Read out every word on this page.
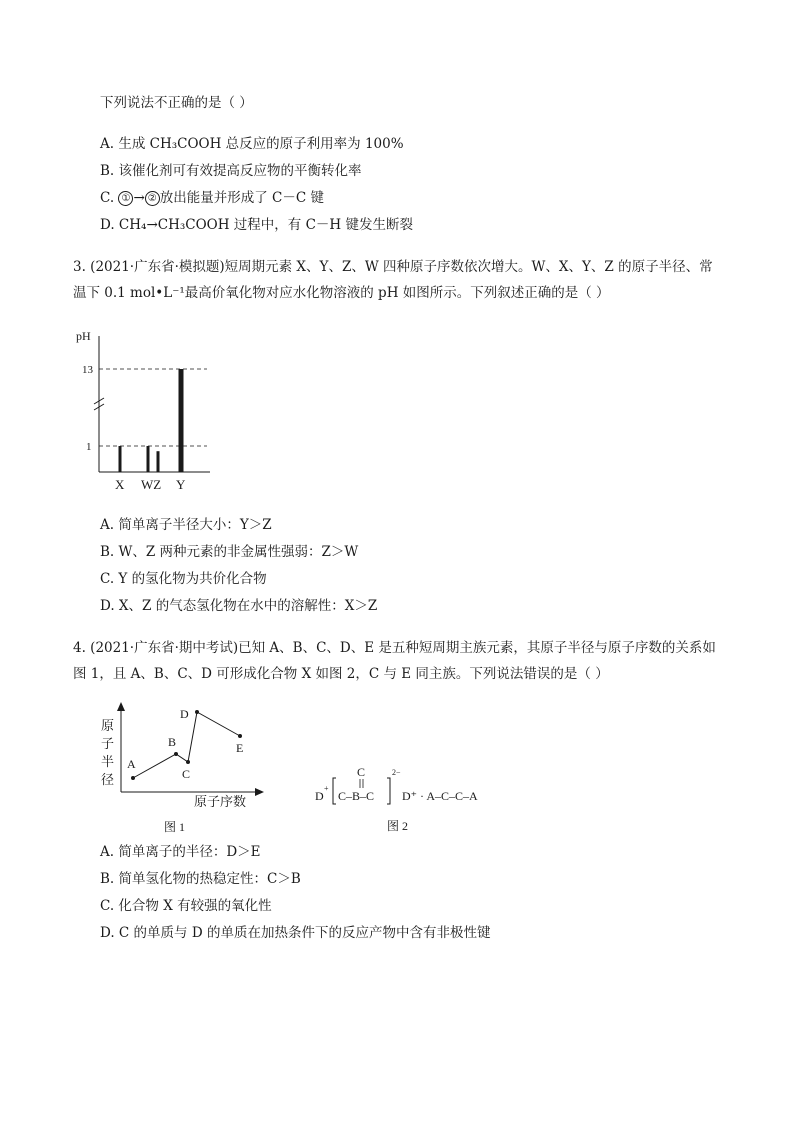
下列说法不正确的是（ ）
A. 生成 CH₃COOH 总反应的原子利用率为 100%
B. 该催化剂可有效提高反应物的平衡转化率
C. ① → ② 放出能量并形成了 C－C 键
D. CH₄→CH₃COOH 过程中，有 C－H 键发生断裂
3. (2021·广东省·模拟题)短周期元素 X、Y、Z、W 四种原子序数依次增大。W、X、Y、Z 的原子半径、常
温下 0.1 mol•L⁻¹最高价氧化物对应水化物溶液的 pH 如图所示。下列叙述正确的是（ ）
pH
13
1
X WZ Y
A. 简单离子半径大小：Y＞Z
B. W、Z 两种元素的非金属性强弱：Z＞W
C. Y 的氢化物为共价化合物
D. X、Z 的气态氢化物在水中的溶解性：X＞Z
4. (2021·广东省·期中考试)已知 A、B、C、D、E 是五种短周期主族元素，其原子半径与原子序数的关系如
图 1，且 A、B、C、D 可形成化合物 X 如图 2，C 与 E 同主族。下列说法错误的是（ ）
原
子
半
径
A
B
C
D
E
原子序数
图 1
D
+
C
C–B–C
2−
D⁺ · A–C–C–A
图 2
A. 简单离子的半径：D＞E
B. 简单氢化物的热稳定性：C＞B
C. 化合物 X 有较强的氧化性
D. C 的单质与 D 的单质在加热条件下的反应产物中含有非极性键
